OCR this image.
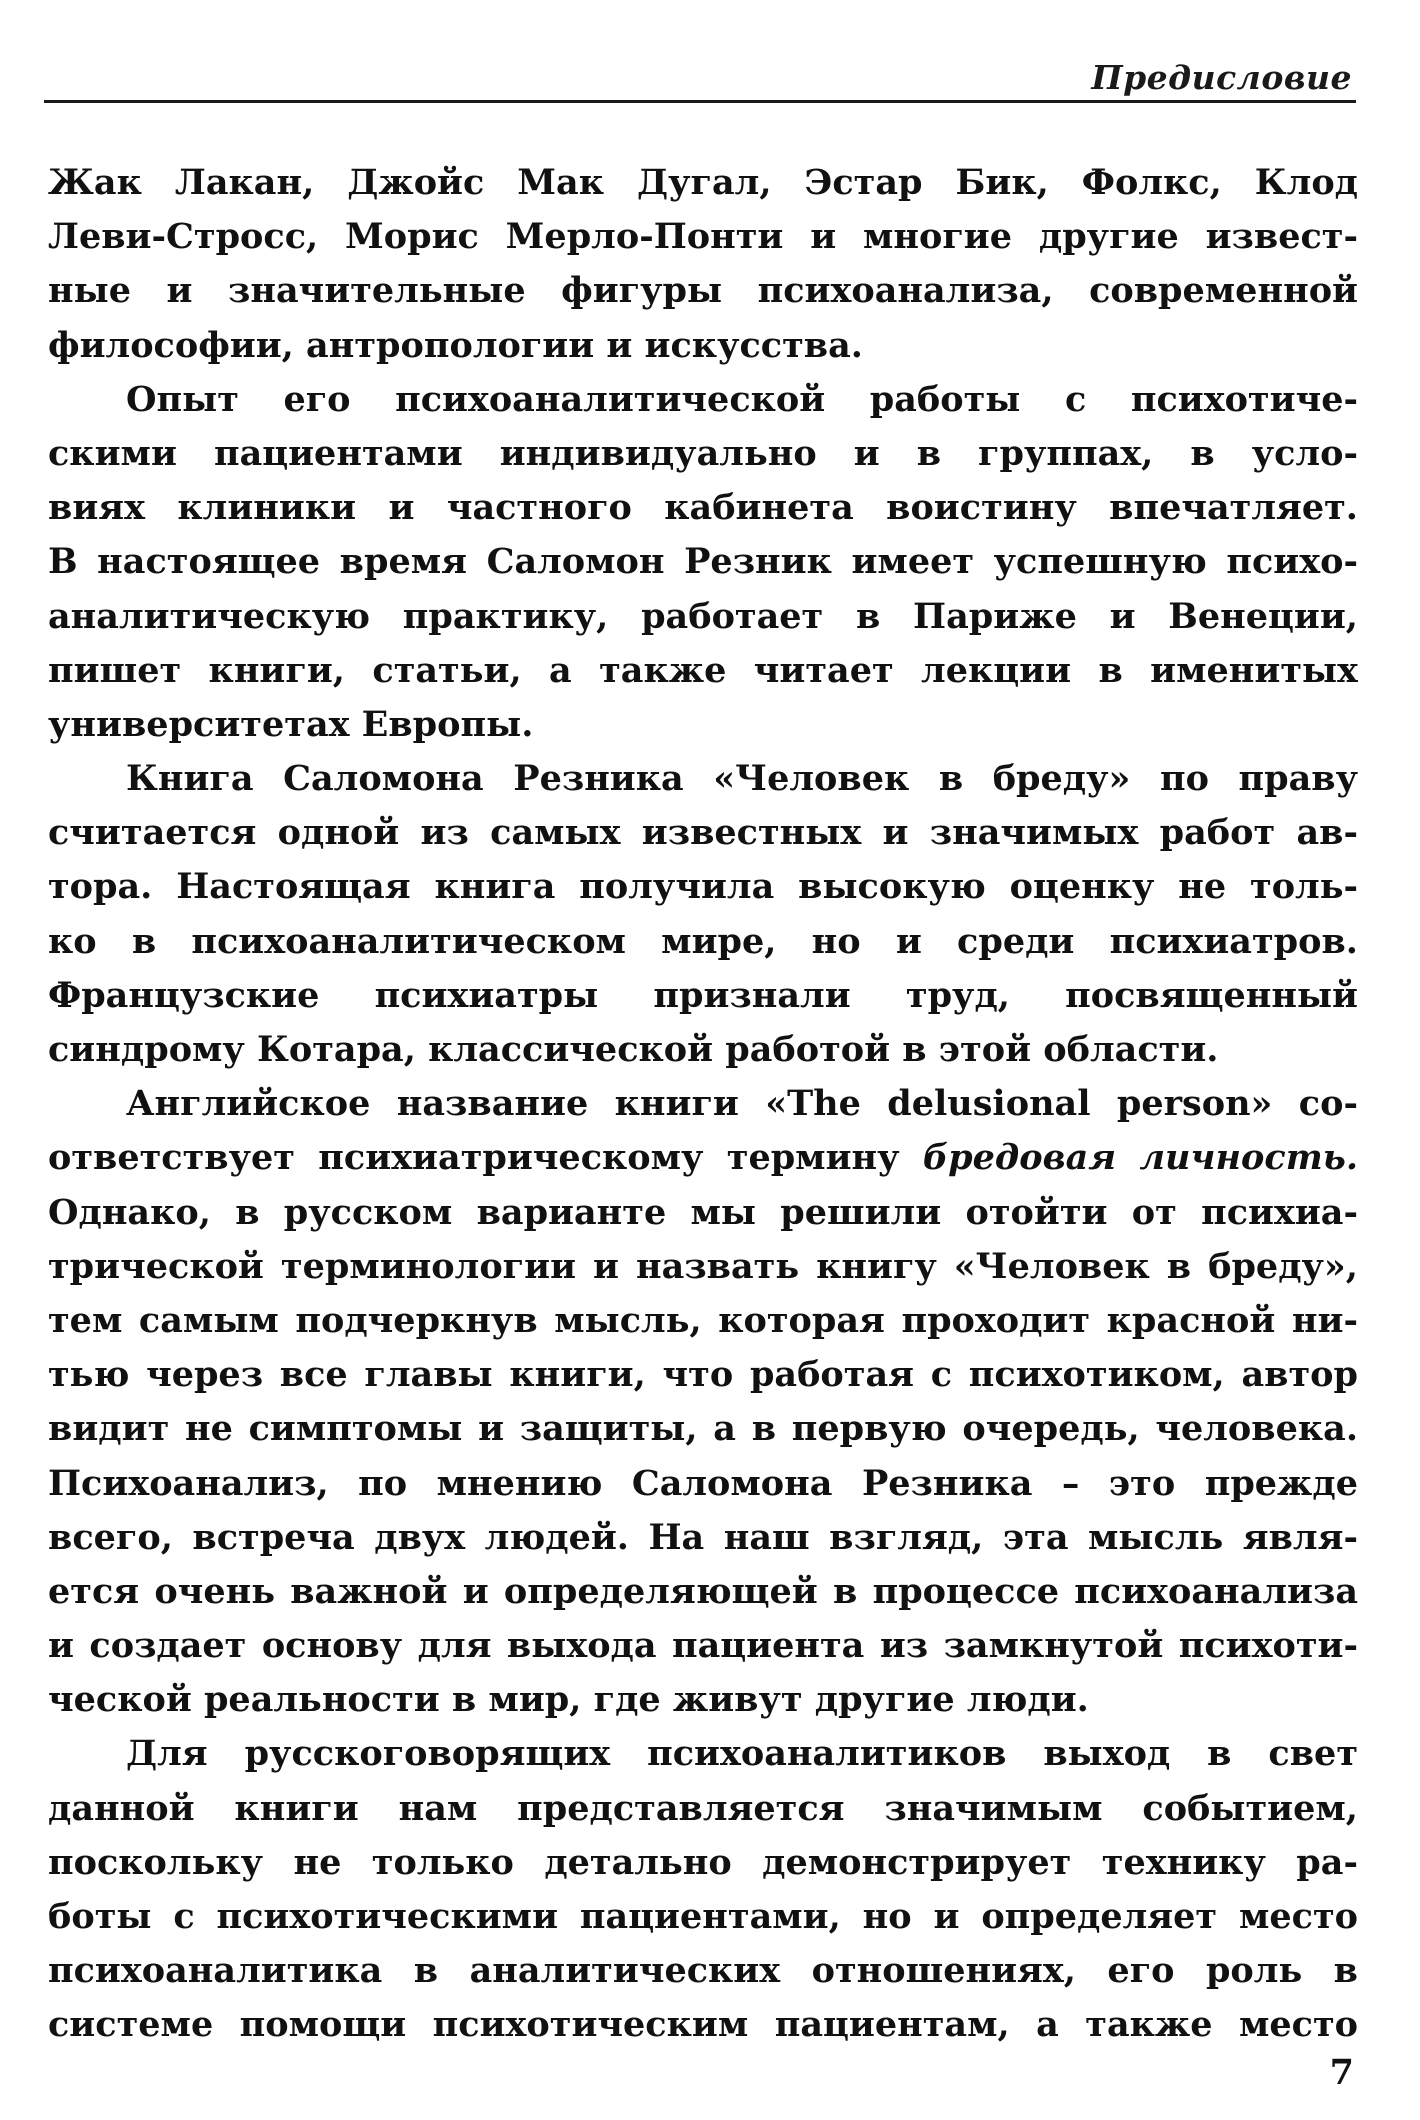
Предисловие
Жак Лакан, Джойс Мак Дугал, Эстар Бик, Фолкс, Клод
Леви-Стросс, Морис Мерло-Понти и многие другие извест-
ные и значительные фигуры психоанализа, современной
философии, антропологии и искусства.
Опыт его психоаналитической работы с психотиче-
скими пациентами индивидуально и в группах, в усло-
виях клиники и частного кабинета воистину впечатляет.
В настоящее время Саломон Резник имеет успешную психо-
аналитическую практику, работает в Париже и Венеции,
пишет книги, статьи, а также читает лекции в именитых
университетах Европы.
Книга Саломона Резника «Человек в бреду» по праву
считается одной из самых известных и значимых работ ав-
тора. Настоящая книга получила высокую оценку не толь-
ко в психоаналитическом мире, но и среди психиатров.
Французские психиатры признали труд, посвященный
синдрому Котара, классической работой в этой области.
Английское название книги «The delusional person» со-
ответствует психиатрическому термину бредовая личность.
Однако, в русском варианте мы решили отойти от психиа-
трической терминологии и назвать книгу «Человек в бреду»,
тем самым подчеркнув мысль, которая проходит красной ни-
тью через все главы книги, что работая с психотиком, автор
видит не симптомы и защиты, а в первую очередь, человека.
Психоанализ, по мнению Саломона Резника – это прежде
всего, встреча двух людей. На наш взгляд, эта мысль явля-
ется очень важной и определяющей в процессе психоанализа
и создает основу для выхода пациента из замкнутой психоти-
ческой реальности в мир, где живут другие люди.
Для русскоговорящих психоаналитиков выход в свет
данной книги нам представляется значимым событием,
поскольку не только детально демонстрирует технику ра-
боты с психотическими пациентами, но и определяет место
психоаналитика в аналитических отношениях, его роль в
системе помощи психотическим пациентам, а также место
7
